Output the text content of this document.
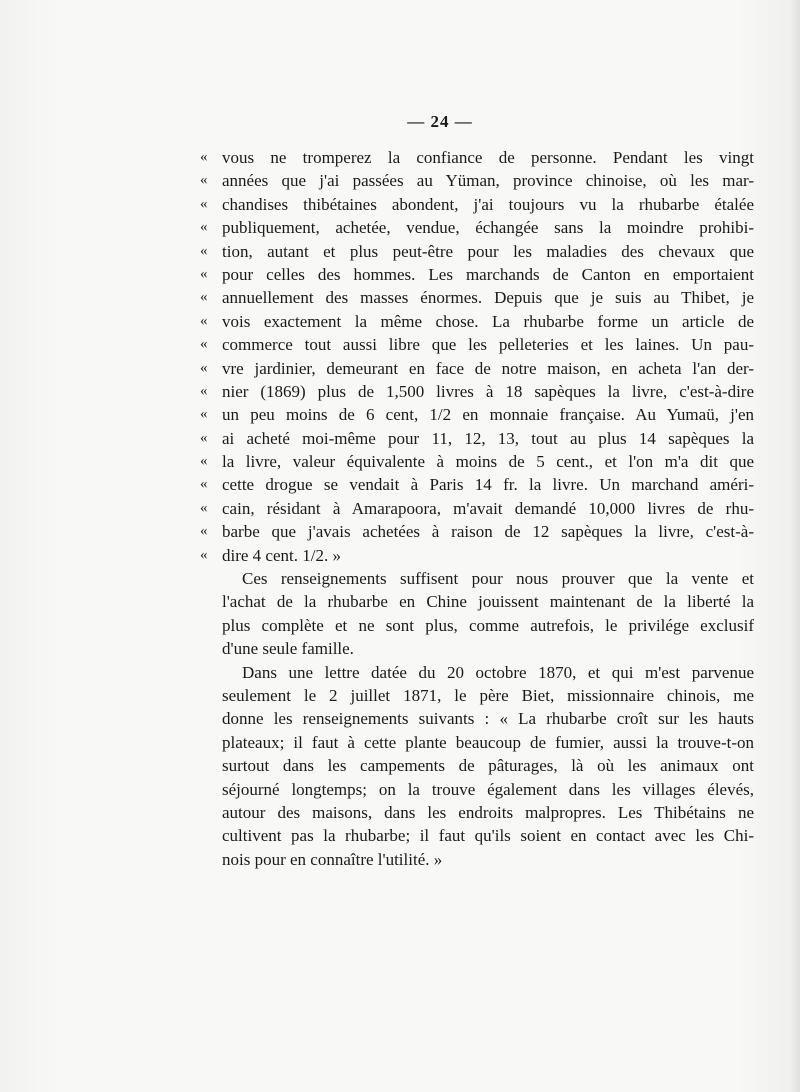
— 24 —
« vous ne tromperez la confiance de personne. Pendant les vingt
« années que j'ai passées au Yüman, province chinoise, où les mar-
« chandises thibétaines abondent, j'ai toujours vu la rhubarbe étalée
« publiquement, achetée, vendue, échangée sans la moindre prohibi-
« tion, autant et plus peut-être pour les maladies des chevaux que
« pour celles des hommes. Les marchands de Canton en emportaient
« annuellement des masses énormes. Depuis que je suis au Thibet, je
« vois exactement la même chose. La rhubarbe forme un article de
« commerce tout aussi libre que les pelleteries et les laines. Un pau-
« vre jardinier, demeurant en face de notre maison, en acheta l'an der-
« nier (1869) plus de 1,500 livres à 18 sapèques la livre, c'est-à-dire
« un peu moins de 6 cent, 1/2 en monnaie française. Au Yumaü, j'en
« ai acheté moi-même pour 11, 12, 13, tout au plus 14 sapèques la
« la livre, valeur équivalente à moins de 5 cent., et l'on m'a dit que
« cette drogue se vendait à Paris 14 fr. la livre. Un marchand améri-
« cain, résidant à Amarapoora, m'avait demandé 10,000 livres de rhu-
« barbe que j'avais achetées à raison de 12 sapèques la livre, c'est-à-
« dire 4 cent. 1/2. »
Ces renseignements suffisent pour nous prouver que la vente et
l'achat de la rhubarbe en Chine jouissent maintenant de la liberté la
plus complète et ne sont plus, comme autrefois, le privilége exclusif
d'une seule famille.
Dans une lettre datée du 20 octobre 1870, et qui m'est parvenue
seulement le 2 juillet 1871, le père Biet, missionnaire chinois, me
donne les renseignements suivants : « La rhubarbe croît sur les hauts
plateaux; il faut à cette plante beaucoup de fumier, aussi la trouve-t-on
surtout dans les campements de pâturages, là où les animaux ont
séjourné longtemps; on la trouve également dans les villages élevés,
autour des maisons, dans les endroits malpropres. Les Thibétains ne
cultivent pas la rhubarbe; il faut qu'ils soient en contact avec les Chi-
nois pour en connaître l'utilité. »
